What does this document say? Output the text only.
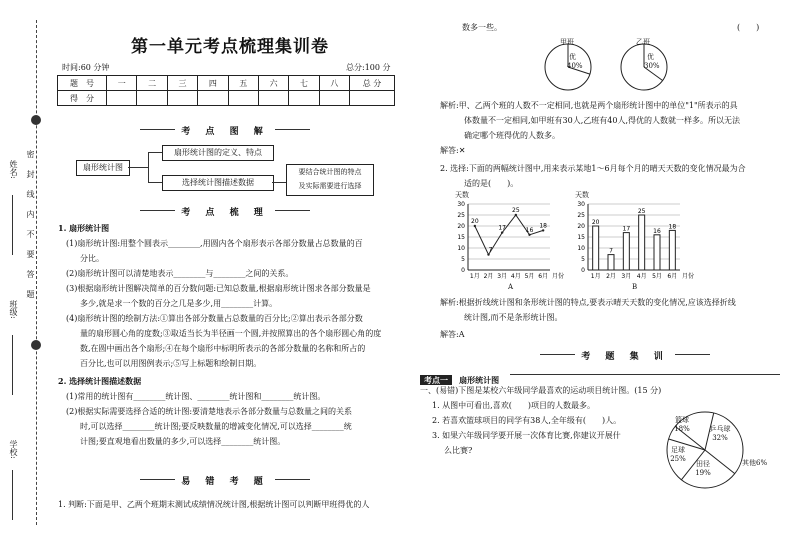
姓名:
班级:
学校:
密　封　线　内　不　要　答　题
第一单元考点梳理集训卷
时间:60 分钟	总分:100 分
题　号	一	二	三	四	五	六	七	八	总 分
得　分									
考 点 图 解
扇形统计图
扇形统计图的定义、特点
选择统计图描述数据
要结合统计图的特点
及实际需要进行选择
考 点 梳 理
1. 扇形统计图
(1)扇形统计图:用整个圆表示________,用圆内各个扇形表示各部分数量占总数量的百
分比。
(2)扇形统计图可以清楚地表示________与________之间的关系。
(3)根据扇形统计图解决简单的百分数问题:已知总数量,根据扇形统计图求各部分数量是
多少,就是求一个数的百分之几是多少,用________计算。
(4)扇形统计图的绘制方法:①算出各部分数量占总数量的百分比;②算出表示各部分数
量的扇形圆心角的度数;③取适当长为半径画一个圆,并按照算出的各个扇形圆心角的度
数,在圆中画出各个扇形;④在每个扇形中标明所表示的各部分数量的名称和所占的
百分比,也可以用图例表示;⑤写上标题和绘制日期。
2. 选择统计图描述数据
(1)常用的统计图有________统计图、________统计图和________统计图。
(2)根据实际需要选择合适的统计图:要清楚地表示各部分数量与总数量之间的关系
时,可以选择________统计图;要反映数量的增减变化情况,可以选择________统
计图;要直观地看出数量的多少,可以选择________统计图。
易 错 考 题
1. 判断:下面是甲、乙两个班期末测试成绩情况统计图,根据统计图可以判断甲班得优的人
数多一些。	(　　)
甲班
优
40%
乙班
优
30%
解析:甲、乙两个班的人数不一定相同,也就是两个扇形统计图中的单位"1"所表示的具
体数量不一定相同,如甲班有30人,乙班有40人,得优的人数就一样多。所以无法
确定哪个班得优的人数多。
解答:✕
2. 选择:下面的两幅统计图中,用来表示某地1～6月每个月的晴天天数的变化情况最为合
适的是(　　)。
天数
30
25
20
15
10
5
0
1月 2月 3月 4月 5月 6月 月份
20
7
17
25
16
18
A
天数
30
25
20
15
10
5
0
1月 2月 3月 4月 5月 6月 月份
20
7
17
25
16
18
B
解析:根据折线统计图和条形统计图的特点,要表示晴天天数的变化情况,应该选择折线
统计图,而不是条形统计图。
解答:A
考 题 集 训
考点一 扇形统计图
一、(易错)下图是某校六年级同学最喜欢的运动项目统计图。(15 分)
1. 从图中可看出,喜欢(　　)项目的人数最多。
2. 若喜欢篮球项目的同学有38人,全年级有(　　)人。
3. 如果六年级同学要开展一次体育比赛,你建议开展什
么比赛?
篮球
18%	乒乓球
32%
足球
25%
田径
19%
其他6%
